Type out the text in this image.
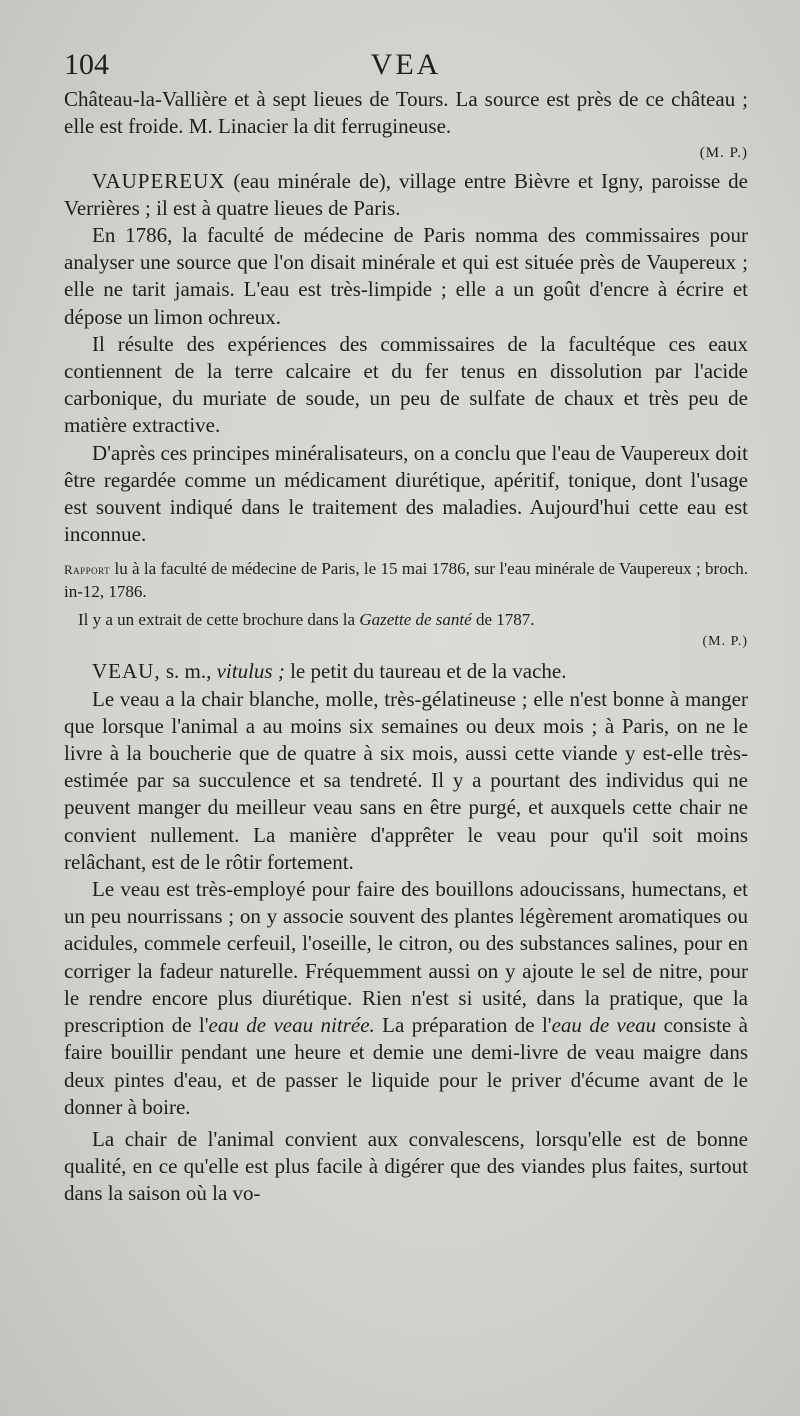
104	VEA

Château-la-Vallière et à sept lieues de Tours. La source est près de ce château ; elle est froide. M. Linacier la dit ferrugineuse.
(M. P.)

VAUPEREUX (eau minérale de), village entre Bièvre et Igny, paroisse de Verrières ; il est à quatre lieues de Paris.

En 1786, la faculté de médecine de Paris nomma des commissaires pour analyser une source que l'on disait minérale et qui est située près de Vaupereux ; elle ne tarit jamais. L'eau est très-limpide ; elle a un goût d'encre à écrire et dépose un limon ochreux.

Il résulte des expériences des commissaires de la facultéque ces eaux contiennent de la terre calcaire et du fer tenus en dissolution par l'acide carbonique, du muriate de soude, un peu de sulfate de chaux et très peu de matière extractive.

D'après ces principes minéralisateurs, on a conclu que l'eau de Vaupereux doit être regardée comme un médicament diurétique, apéritif, tonique, dont l'usage est souvent indiqué dans le traitement des maladies. Aujourd'hui cette eau est inconnue.

Rapport lu à la faculté de médecine de Paris, le 15 mai 1786, sur l'eau minérale de Vaupereux ; broch. in-12, 1786.

Il y a un extrait de cette brochure dans la Gazette de santé de 1787.
(M. P.)

VEAU, s. m., vitulus ; le petit du taureau et de la vache.

Le veau a la chair blanche, molle, très-gélatineuse ; elle n'est bonne à manger que lorsque l'animal a au moins six semaines ou deux mois ; à Paris, on ne le livre à la boucherie que de quatre à six mois, aussi cette viande y est-elle très-estimée par sa succulence et sa tendreté. Il y a pourtant des individus qui ne peuvent manger du meilleur veau sans en être purgé, et auxquels cette chair ne convient nullement. La manière d'apprêter le veau pour qu'il soit moins relâchant, est de le rôtir fortement.

Le veau est très-employé pour faire des bouillons adoucissans, humectans, et un peu nourrissans ; on y associe souvent des plantes légèrement aromatiques ou acidules, commele cerfeuil, l'oseille, le citron, ou des substances salines, pour en corriger la fadeur naturelle. Fréquemment aussi on y ajoute le sel de nitre, pour le rendre encore plus diurétique. Rien n'est si usité, dans la pratique, que la prescription de l'eau de veau nitrée. La préparation de l'eau de veau consiste à faire bouillir pendant une heure et demie une demi-livre de veau maigre dans deux pintes d'eau, et de passer le liquide pour le priver d'écume avant de le donner à boire.

La chair de l'animal convient aux convalescens, lorsqu'elle est de bonne qualité, en ce qu'elle est plus facile à digérer que des viandes plus faites, surtout dans la saison où la vo-
